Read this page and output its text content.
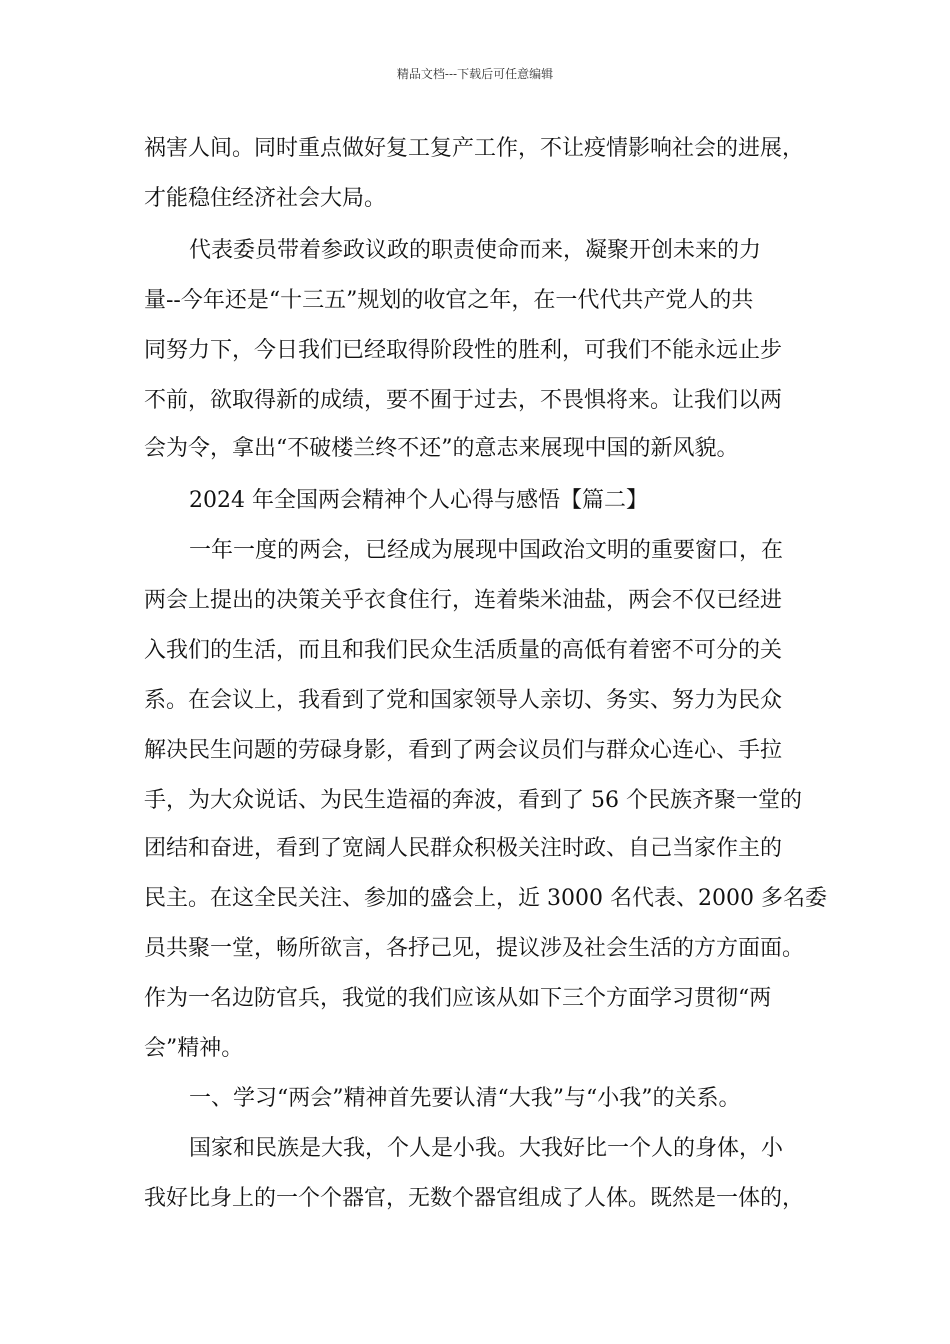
精品文档---下载后可任意编辑
祸害人间。同时重点做好复工复产工作，不让疫情影响社会的进展，
才能稳住经济社会大局。
代表委员带着参政议政的职责使命而来，凝聚开创未来的力
量--今年还是“十三五”规划的收官之年，在一代代共产党人的共
同努力下，今日我们已经取得阶段性的胜利，可我们不能永远止步
不前，欲取得新的成绩，要不囿于过去，不畏惧将来。让我们以两
会为令，拿出“不破楼兰终不还”的意志来展现中国的新风貌。
2024 年全国两会精神个人心得与感悟【篇二】
一年一度的两会，已经成为展现中国政治文明的重要窗口，在
两会上提出的决策关乎衣食住行，连着柴米油盐，两会不仅已经进
入我们的生活，而且和我们民众生活质量的高低有着密不可分的关
系。在会议上，我看到了党和国家领导人亲切、务实、努力为民众
解决民生问题的劳碌身影，看到了两会议员们与群众心连心、手拉
手，为大众说话、为民生造福的奔波，看到了 56 个民族齐聚一堂的
团结和奋进，看到了宽阔人民群众积极关注时政、自己当家作主的
民主。在这全民关注、参加的盛会上，近 3000 名代表、2000 多名委
员共聚一堂，畅所欲言，各抒己见，提议涉及社会生活的方方面面。
作为一名边防官兵，我觉的我们应该从如下三个方面学习贯彻“两
会”精神。
一、学习“两会”精神首先要认清“大我”与“小我”的关系。
国家和民族是大我，个人是小我。大我好比一个人的身体，小
我好比身上的一个个器官，无数个器官组成了人体。既然是一体的，
